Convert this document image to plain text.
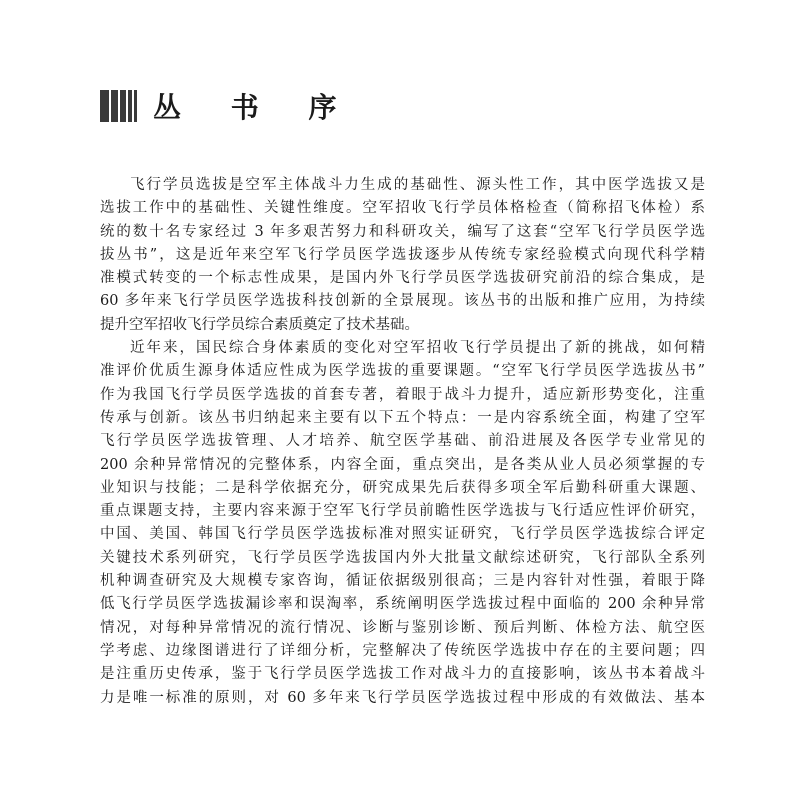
丛 书 序
飞行学员选拔是空军主体战斗力生成的基础性、源头性工作，其中医学选拔又是
选拔工作中的基础性、关键性维度。空军招收飞行学员体格检查（简称招飞体检）系
统的数十名专家经过 3 年多艰苦努力和科研攻关，编写了这套“空军飞行学员医学选
拔丛书”，这是近年来空军飞行学员医学选拔逐步从传统专家经验模式向现代科学精
准模式转变的一个标志性成果，是国内外飞行学员医学选拔研究前沿的综合集成，是
60 多年来飞行学员医学选拔科技创新的全景展现。该丛书的出版和推广应用，为持续
提升空军招收飞行学员综合素质奠定了技术基础。
近年来，国民综合身体素质的变化对空军招收飞行学员提出了新的挑战，如何精
准评价优质生源身体适应性成为医学选拔的重要课题。“空军飞行学员医学选拔丛书”
作为我国飞行学员医学选拔的首套专著，着眼于战斗力提升，适应新形势变化，注重
传承与创新。该丛书归纳起来主要有以下五个特点：一是内容系统全面，构建了空军
飞行学员医学选拔管理、人才培养、航空医学基础、前沿进展及各医学专业常见的
200 余种异常情况的完整体系，内容全面，重点突出，是各类从业人员必须掌握的专
业知识与技能；二是科学依据充分，研究成果先后获得多项全军后勤科研重大课题、
重点课题支持，主要内容来源于空军飞行学员前瞻性医学选拔与飞行适应性评价研究，
中国、美国、韩国飞行学员医学选拔标准对照实证研究，飞行学员医学选拔综合评定
关键技术系列研究，飞行学员医学选拔国内外大批量文献综述研究，飞行部队全系列
机种调查研究及大规模专家咨询，循证依据级别很高；三是内容针对性强，着眼于降
低飞行学员医学选拔漏诊率和误淘率，系统阐明医学选拔过程中面临的 200 余种异常
情况，对每种异常情况的流行情况、诊断与鉴别诊断、预后判断、体检方法、航空医
学考虑、边缘图谱进行了详细分析，完整解决了传统医学选拔中存在的主要问题；四
是注重历史传承，鉴于飞行学员医学选拔工作对战斗力的直接影响，该丛书本着战斗
力是唯一标准的原则，对 60 多年来飞行学员医学选拔过程中形成的有效做法、基本
